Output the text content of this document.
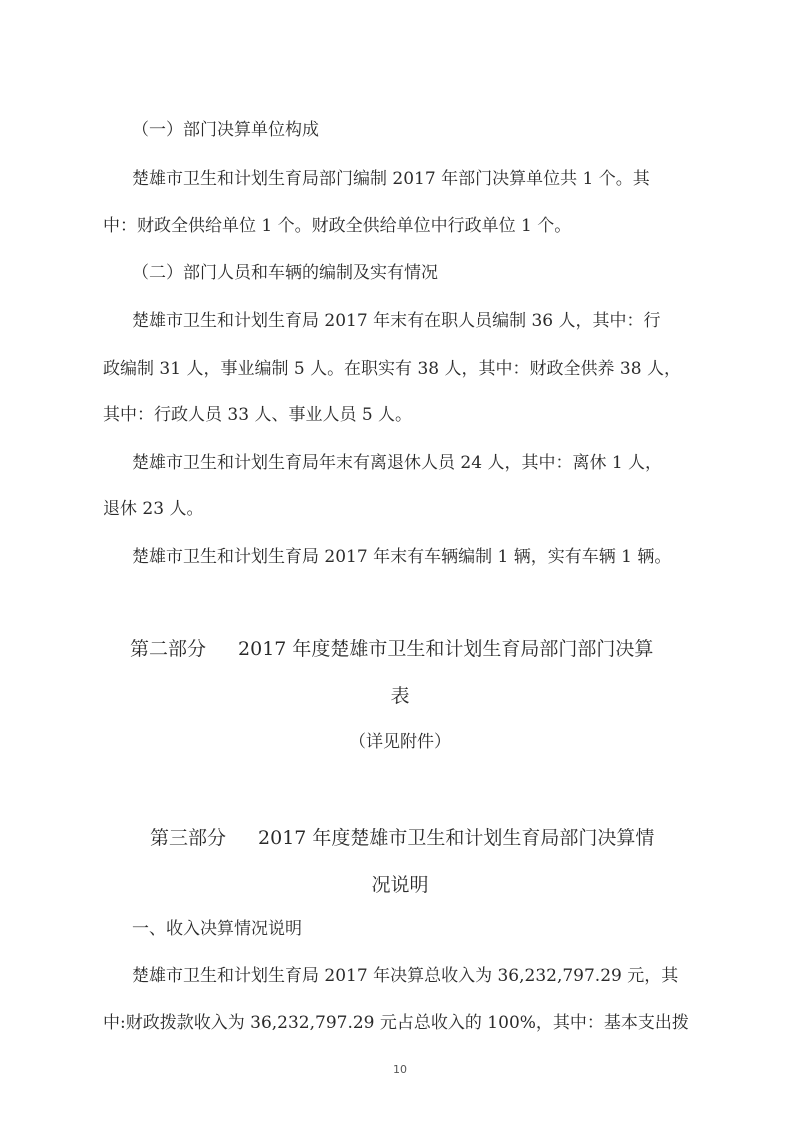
（一）部门决算单位构成
楚雄市卫生和计划生育局部门编制 2017 年部门决算单位共 1 个。其
中：财政全供给单位 1 个。财政全供给单位中行政单位 1 个。
（二）部门人员和车辆的编制及实有情况
楚雄市卫生和计划生育局 2017 年末有在职人员编制 36 人，其中：行
政编制 31 人，事业编制 5 人。在职实有 38 人，其中：财政全供养 38 人，
其中：行政人员 33 人、事业人员 5 人。
楚雄市卫生和计划生育局年末有离退休人员 24 人，其中：离休 1 人，
退休 23 人。
楚雄市卫生和计划生育局 2017 年末有车辆编制 1 辆，实有车辆 1 辆。
第二部分 2017 年度楚雄市卫生和计划生育局部门部门决算
表
（详见附件）
第三部分 2017 年度楚雄市卫生和计划生育局部门决算情
况说明
一、收入决算情况说明
楚雄市卫生和计划生育局 2017 年决算总收入为 36,232,797.29 元，其
中:财政拨款收入为 36,232,797.29 元占总收入的 100%，其中：基本支出拨
10
